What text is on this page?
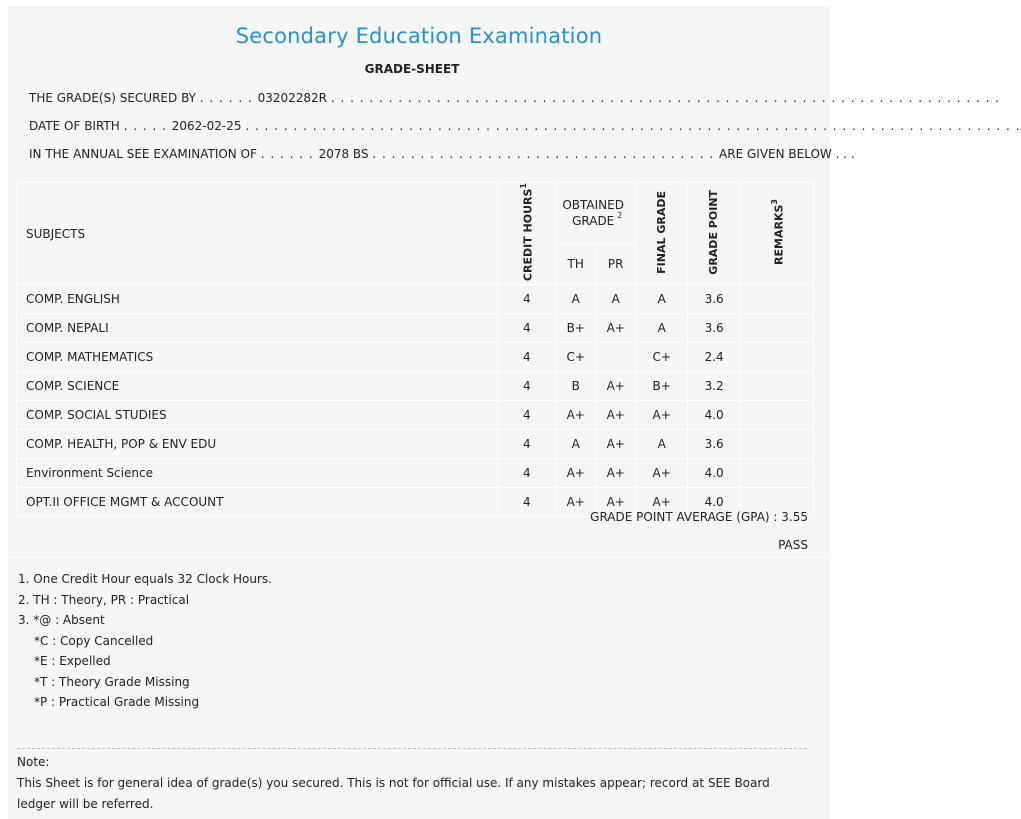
Secondary Education Examination
GRADE-SHEET
THE GRADE(S) SECURED BY . . . . . . 03202282R . . . . . . . . . . . . . . . . . . . . . . . . . . . . . . . . . . . . . . . . . . . . . . . . . . . . . . . . . . . . . . . . . . . . . .
DATE OF BIRTH . . . . . 2062-02-25 . . . . . . . . . . . . . . . . . . . . . . . . . . . . . . . . . . . . . . . . . . . . . . . . . . . . . . . . . . . . . . . . . . . . . . . . . . . . . . . . .
IN THE ANNUAL SEE EXAMINATION OF . . . . . . 2078 BS . . . . . . . . . . . . . . . . . . . . . . . . . . . . . . . . . . . . ARE GIVEN BELOW . . .
SUBJECTS	CREDIT HOURS$^1$	OBTAINED GRADE $^2$		FINAL GRADE	GRADE POINT	REMARKS$^3$
		TH	PR			
COMP. ENGLISH	4	A	A	A	3.6	
COMP. NEPALI	4	B+	A+	A	3.6	
COMP. MATHEMATICS	4	C+		C+	2.4	
COMP. SCIENCE	4	B	A+	B+	3.2	
COMP. SOCIAL STUDIES	4	A+	A+	A+	4.0	
COMP. HEALTH, POP & ENV EDU	4	A	A+	A	3.6	
Environment Science	4	A+	A+	A+	4.0	
OPT.II OFFICE MGMT & ACCOUNT	4	A+	A+	A+	4.0	
GRADE POINT AVERAGE (GPA) : 3.55
PASS
1. One Credit Hour equals 32 Clock Hours.
2. TH : Theory, PR : Practical
3. *@ : Absent
*C : Copy Cancelled
*E : Expelled
*T : Theory Grade Missing
*P : Practical Grade Missing
Note:
This Sheet is for general idea of grade(s) you secured. This is not for official use. If any mistakes appear; record at SEE Board ledger will be referred.
